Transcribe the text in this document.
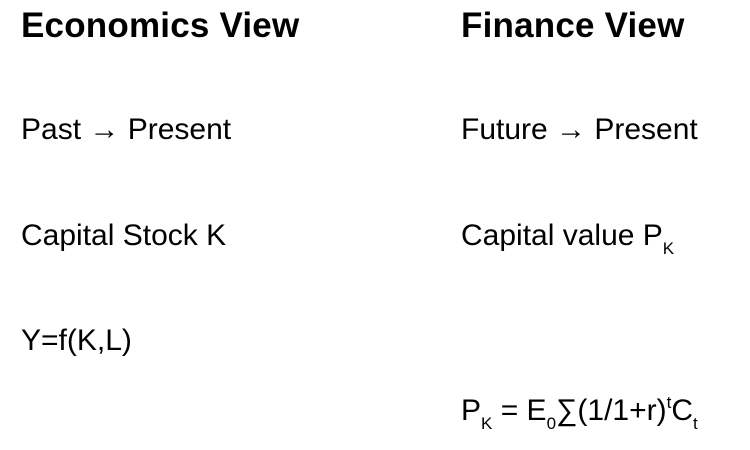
Economics View

Past → Present

Capital Stock K

Y=f(K,L)

Finance View

Future → Present

Capital value $P_K$

$P_K = E_0\sum(1/1+r)^tC_t$
